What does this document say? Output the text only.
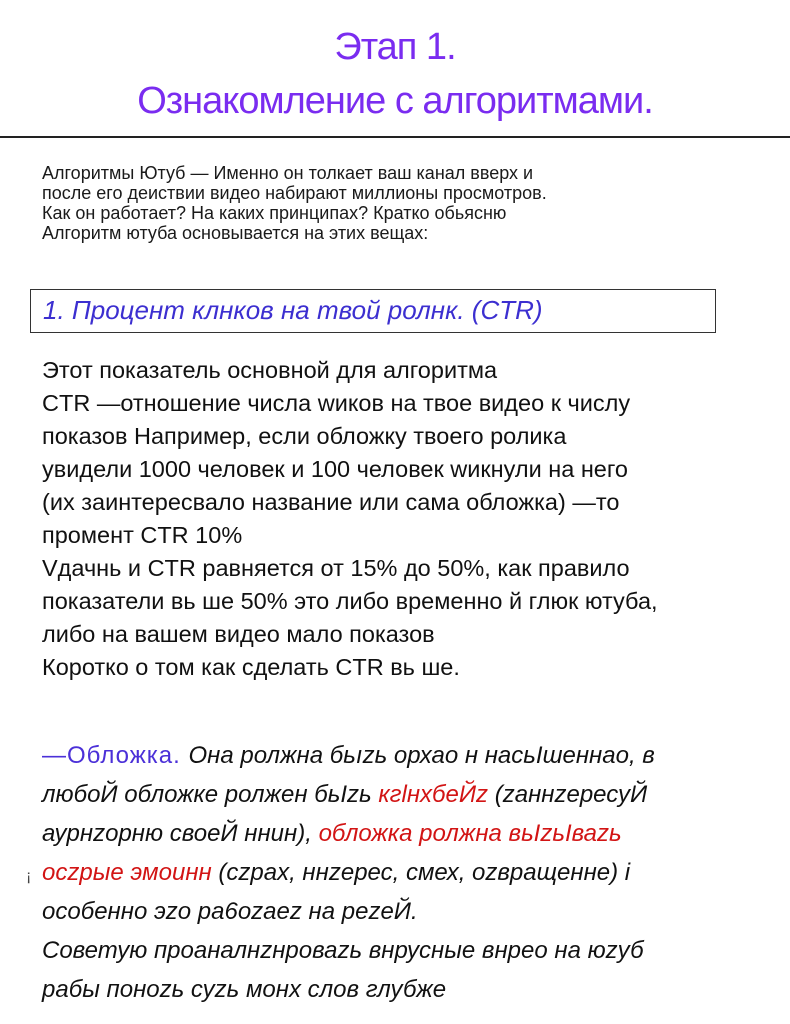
Этап 1.
Ознакомление с алгоритмами.
Алгоритмы Ютуб — Именно он толкает ваш канал вверх и
после его деиствии видео набирают миллионы просмотров.
Как он работает? На каких принципах? Кратко обьясню
Алгоритм ютуба основывается на этих вещах:
1. Процент клнков на твой ролнк. (CTR)
Этот показатель основной для алгоритма
CTR —отношение числа wиков на твое видео к числу
показов Например, если обложку твоего ролика
увидели 1000 человек и 100 человек wикнули на него
(их заинтересвало название или сама обложка) —то
промент CTR 10%
Vдачнь и CTR равняется от 15% до 50%, как правило
показатели вь ше 50% это либо временно й глюк ютуба,
либо на вашем видео мало показов
Коротко о том как сделать CTR вь ше.
¡
—Обложка. Она ролжна бьızь орхао н насьIшеннао, в
любоЙ обложке ролжен бьIzь кгlнхбеЙz (zаннzересуЙ
аурнzорню своеЙ ннин), обложка ролжна вьIzьIваzь
осzрые эмоинн (сzрах, ннzерес, смех, оzвращенне) i
особенно эzо ра6оzаеz на реzеЙ.
Советую проаналнzнроваzь внрусные внрео на юzуб
рабы поноzь суzь монх слов глубже
